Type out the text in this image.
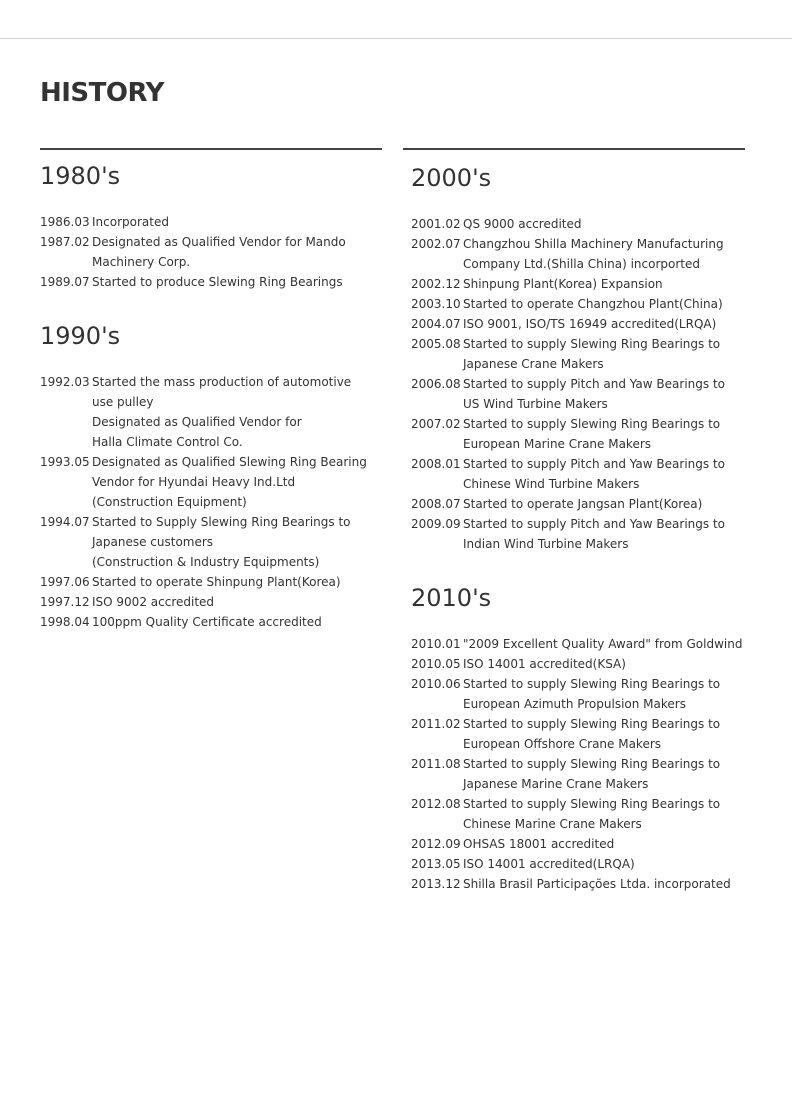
HISTORY
1980's
1986.03 Incorporated
1987.02 Designated as Qualified Vendor for Mando
Machinery Corp.
1989.07 Started to produce Slewing Ring Bearings
1990's
1992.03 Started the mass production of automotive
use pulley
Designated as Qualified Vendor for
Halla Climate Control Co.
1993.05 Designated as Qualified Slewing Ring Bearing
Vendor for Hyundai Heavy Ind.Ltd
(Construction Equipment)
1994.07 Started to Supply Slewing Ring Bearings to
Japanese customers
(Construction & Industry Equipments)
1997.06 Started to operate Shinpung Plant(Korea)
1997.12 ISO 9002 accredited
1998.04 100ppm Quality Certificate accredited
2000's
2001.02 QS 9000 accredited
2002.07 Changzhou Shilla Machinery Manufacturing
Company Ltd.(Shilla China) incorported
2002.12 Shinpung Plant(Korea) Expansion
2003.10 Started to operate Changzhou Plant(China)
2004.07 ISO 9001, ISO/TS 16949 accredited(LRQA)
2005.08 Started to supply Slewing Ring Bearings to
Japanese Crane Makers
2006.08 Started to supply Pitch and Yaw Bearings to
US Wind Turbine Makers
2007.02 Started to supply Slewing Ring Bearings to
European Marine Crane Makers
2008.01 Started to supply Pitch and Yaw Bearings to
Chinese Wind Turbine Makers
2008.07 Started to operate Jangsan Plant(Korea)
2009.09 Started to supply Pitch and Yaw Bearings to
Indian Wind Turbine Makers
2010's
2010.01 "2009 Excellent Quality Award" from Goldwind
2010.05 ISO 14001 accredited(KSA)
2010.06 Started to supply Slewing Ring Bearings to
European Azimuth Propulsion Makers
2011.02 Started to supply Slewing Ring Bearings to
European Offshore Crane Makers
2011.08 Started to supply Slewing Ring Bearings to
Japanese Marine Crane Makers
2012.08 Started to supply Slewing Ring Bearings to
Chinese Marine Crane Makers
2012.09 OHSAS 18001 accredited
2013.05 ISO 14001 accredited(LRQA)
2013.12 Shilla Brasil Participações Ltda. incorporated
